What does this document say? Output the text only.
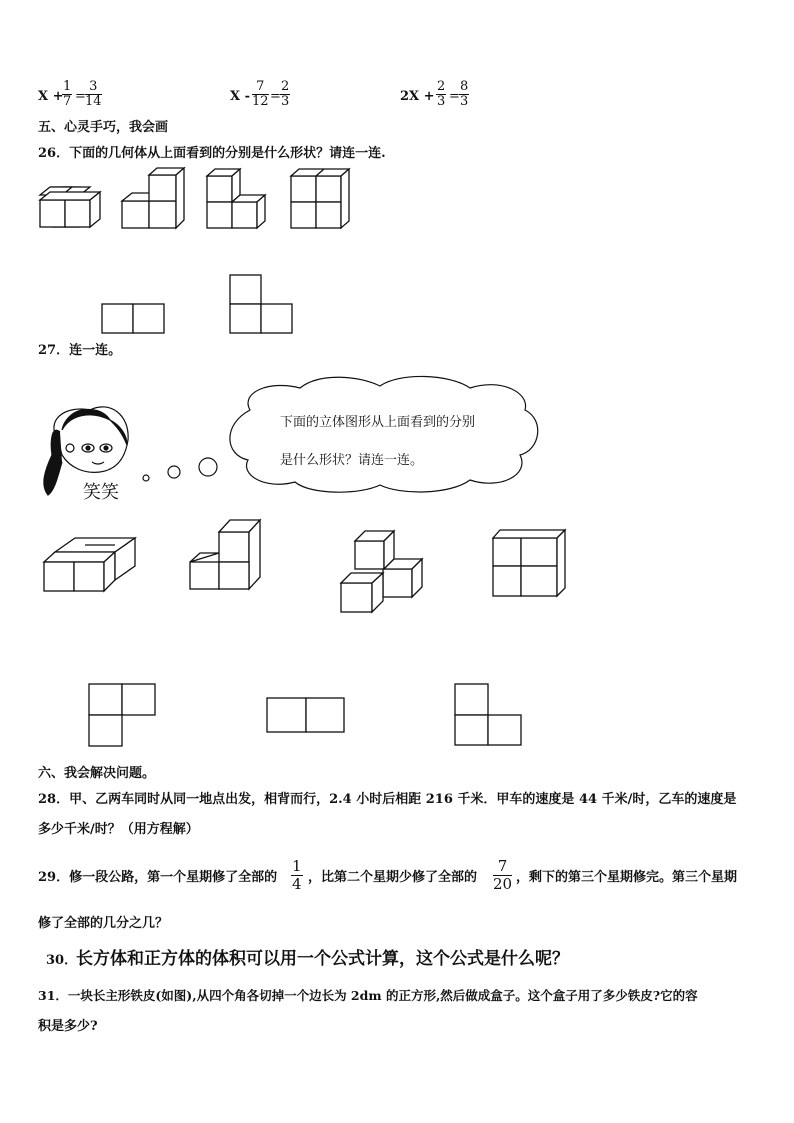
X +
$\frac{1}{7} = \frac{3}{14}$	$X - \frac{7}{12} = \frac{2}{3}$	$2X + \frac{2}{3} = \frac{8}{3}$
五、心灵手巧，我会画
26．下面的几何体从上面看到的分别是什么形状？请连一连.
27．连一连。
笑笑
下面的立体图形从上面看到的分别
是什么形状？请连一连。
六、我会解决问题。
28．甲、乙两车同时从同一地点出发，相背而行，2.4 小时后相距 216 千米．甲车的速度是 44 千米/时，乙车的速度是
多少千米/时？（用方程解）
29．修一段公路，第一个星期修了全部的 $\frac{1}{4}$ ，比第二个星期少修了全部的 $\frac{7}{20}$ ，剩下的第三个星期修完。第三个星期
修了全部的几分之几？
30．
长方体和正方体的体积可以用一个公式计算，这个公式是什么呢？
31．一块长主形铁皮(如图),从四个角各切掉一个边长为 2dm 的正方形,然后做成盒子。这个盒子用了多少铁皮?它的容
积是多少?
